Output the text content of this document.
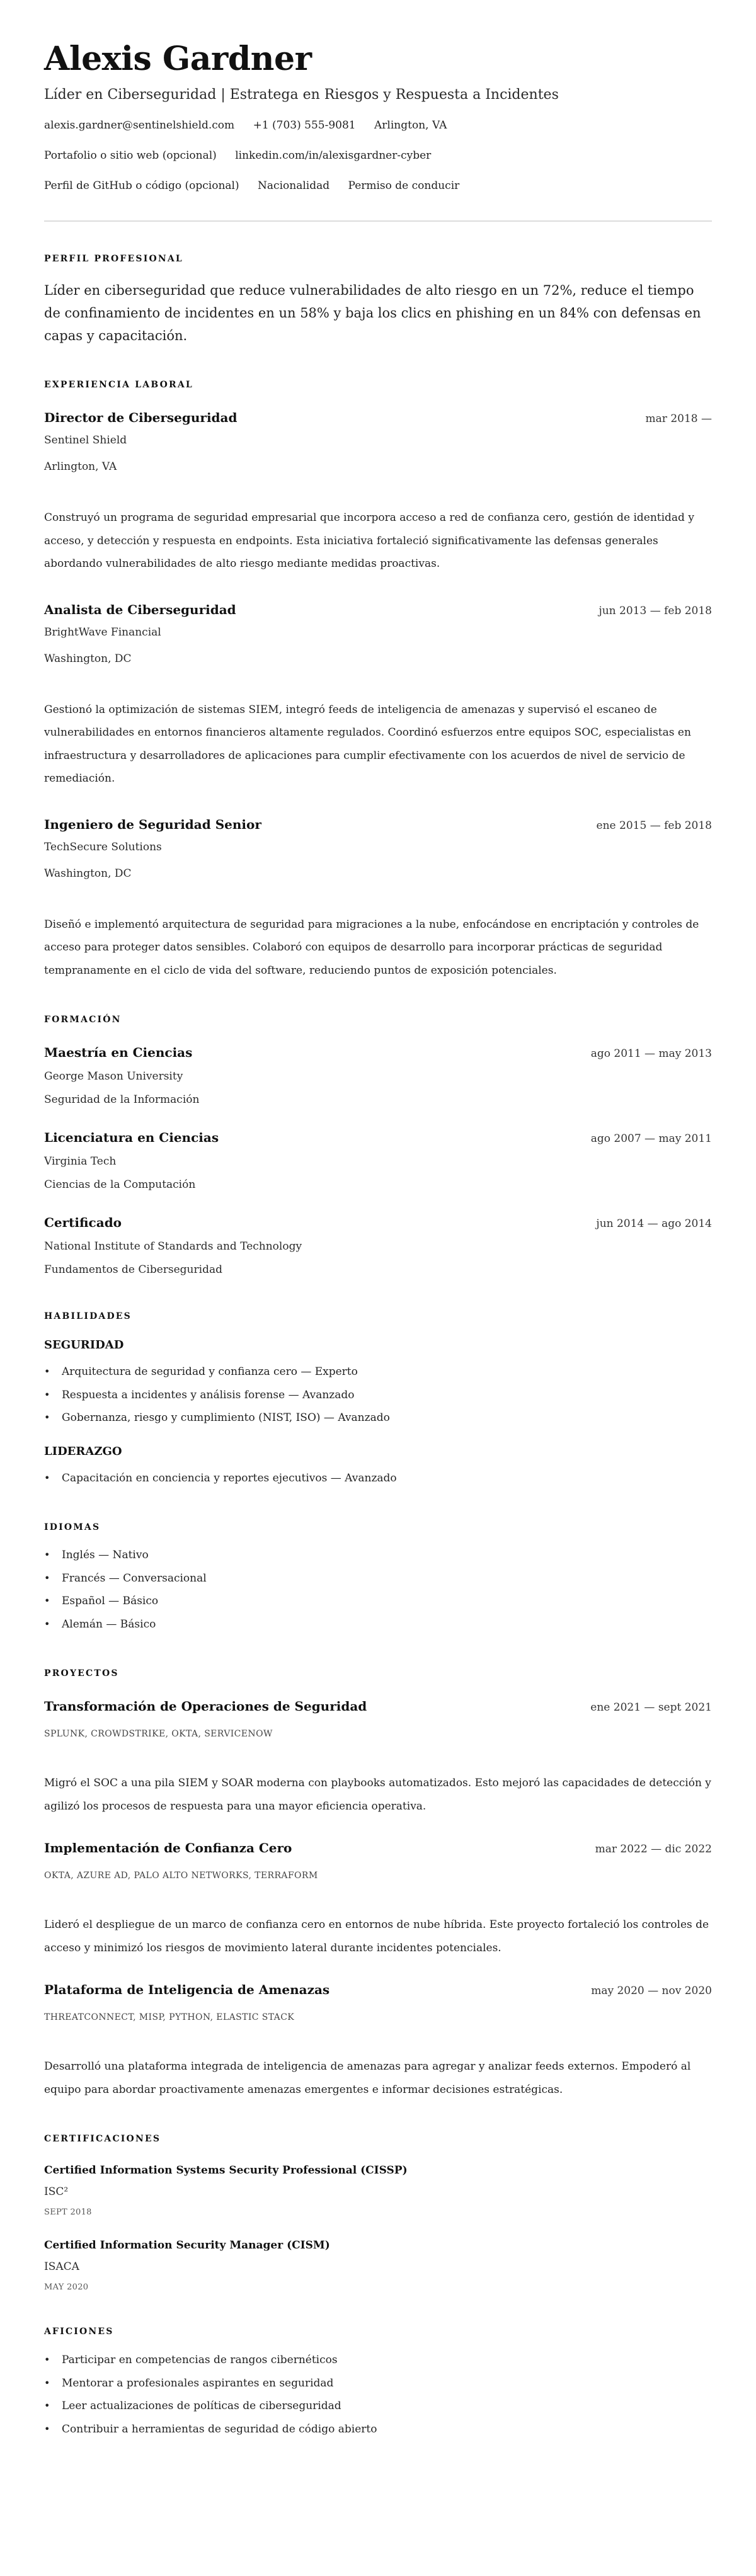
Alexis Gardner
Líder en Ciberseguridad | Estratega en Riesgos y Respuesta a Incidentes
alexis.gardner@sentinelshield.com +1 (703) 555-9081 Arlington, VA
Portafolio o sitio web (opcional) linkedin.com/in/alexisgardner-cyber
Perfil de GitHub o código (opcional) Nacionalidad Permiso de conducir
PERFIL PROFESIONAL

Líder en ciberseguridad que reduce vulnerabilidades de alto riesgo en un 72%, reduce el tiempo de confinamiento de incidentes en un 58% y baja los clics en phishing en un 84% con defensas en capas y capacitación.

EXPERIENCIA LABORAL
Director de Ciberseguridad	mar 2018 —
Sentinel Shield
Arlington, VA

Construyó un programa de seguridad empresarial que incorpora acceso a red de confianza cero, gestión de identidad y acceso, y detección y respuesta en endpoints. Esta iniciativa fortaleció significativamente las defensas generales abordando vulnerabilidades de alto riesgo mediante medidas proactivas.

Analista de Ciberseguridad	jun 2013 — feb 2018
BrightWave Financial
Washington, DC

Gestionó la optimización de sistemas SIEM, integró feeds de inteligencia de amenazas y supervisó el escaneo de vulnerabilidades en entornos financieros altamente regulados. Coordinó esfuerzos entre equipos SOC, especialistas en infraestructura y desarrolladores de aplicaciones para cumplir efectivamente con los acuerdos de nivel de servicio de remediación.

Ingeniero de Seguridad Senior	ene 2015 — feb 2018
TechSecure Solutions
Washington, DC

Diseñó e implementó arquitectura de seguridad para migraciones a la nube, enfocándose en encriptación y controles de acceso para proteger datos sensibles. Colaboró con equipos de desarrollo para incorporar prácticas de seguridad tempranamente en el ciclo de vida del software, reduciendo puntos de exposición potenciales.

FORMACIÓN
Maestría en Ciencias	ago 2011 — may 2013
George Mason University
Seguridad de la Información
Licenciatura en Ciencias	ago 2007 — may 2011
Virginia Tech
Ciencias de la Computación
Certificado	jun 2014 — ago 2014
National Institute of Standards and Technology
Fundamentos de Ciberseguridad
HABILIDADES
SEGURIDAD
• Arquitectura de seguridad y confianza cero — Experto
• Respuesta a incidentes y análisis forense — Avanzado
• Gobernanza, riesgo y cumplimiento (NIST, ISO) — Avanzado
LIDERAZGO
• Capacitación en conciencia y reportes ejecutivos — Avanzado
IDIOMAS
• Inglés — Nativo
• Francés — Conversacional
• Español — Básico
• Alemán — Básico
PROYECTOS
Transformación de Operaciones de Seguridad	ene 2021 — sept 2021
SPLUNK, CROWDSTRIKE, OKTA, SERVICENOW

Migró el SOC a una pila SIEM y SOAR moderna con playbooks automatizados. Esto mejoró las capacidades de detección y agilizó los procesos de respuesta para una mayor eficiencia operativa.

Implementación de Confianza Cero	mar 2022 — dic 2022
OKTA, AZURE AD, PALO ALTO NETWORKS, TERRAFORM

Lideró el despliegue de un marco de confianza cero en entornos de nube híbrida. Este proyecto fortaleció los controles de acceso y minimizó los riesgos de movimiento lateral durante incidentes potenciales.

Plataforma de Inteligencia de Amenazas	may 2020 — nov 2020
THREATCONNECT, MISP, PYTHON, ELASTIC STACK

Desarrolló una plataforma integrada de inteligencia de amenazas para agregar y analizar feeds externos. Empoderó al equipo para abordar proactivamente amenazas emergentes e informar decisiones estratégicas.

CERTIFICACIONES
Certified Information Systems Security Professional (CISSP)
ISC²
SEPT 2018
Certified Information Security Manager (CISM)
ISACA
MAY 2020
AFICIONES
• Participar en competencias de rangos cibernéticos
• Mentorar a profesionales aspirantes en seguridad
• Leer actualizaciones de políticas de ciberseguridad
• Contribuir a herramientas de seguridad de código abierto
